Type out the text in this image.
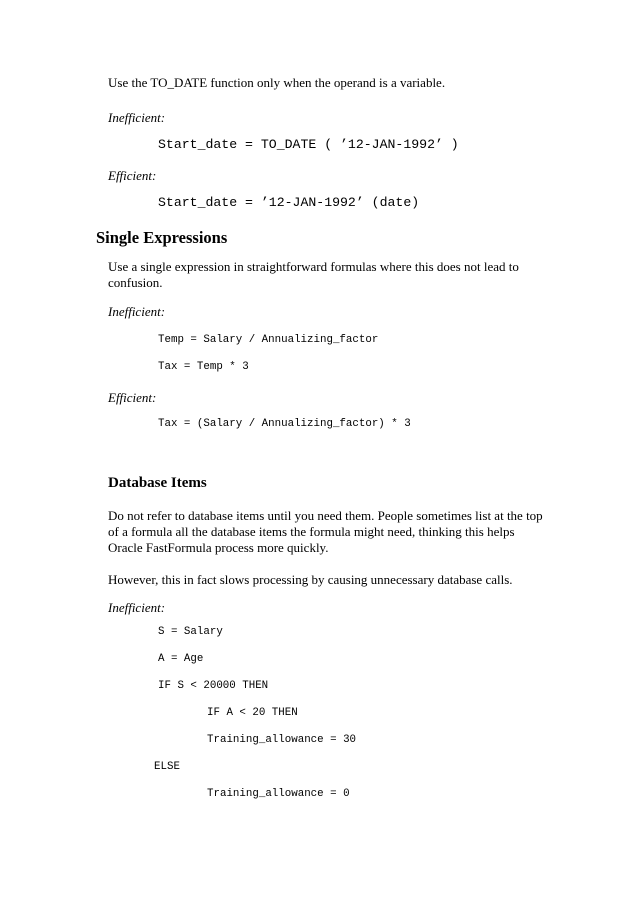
Use the TO_DATE function only when the operand is a variable.

Inefficient:

Start_date = TO_DATE ( ’12-JAN-1992’ )

Efficient:

Start_date = ’12-JAN-1992’ (date)

Single Expressions

Use a single expression in straightforward formulas where this does not lead to

confusion.

Inefficient:

Temp = Salary / Annualizing_factor

Tax = Temp * 3

Efficient:

Tax = (Salary / Annualizing_factor) * 3

Database Items

Do not refer to database items until you need them. People sometimes list at the top

of a formula all the database items the formula might need, thinking this helps

Oracle FastFormula process more quickly.

However, this in fact slows processing by causing unnecessary database calls.

Inefficient:

S = Salary

A = Age

IF S < 20000 THEN

IF A < 20 THEN

Training_allowance = 30

ELSE

Training_allowance = 0
